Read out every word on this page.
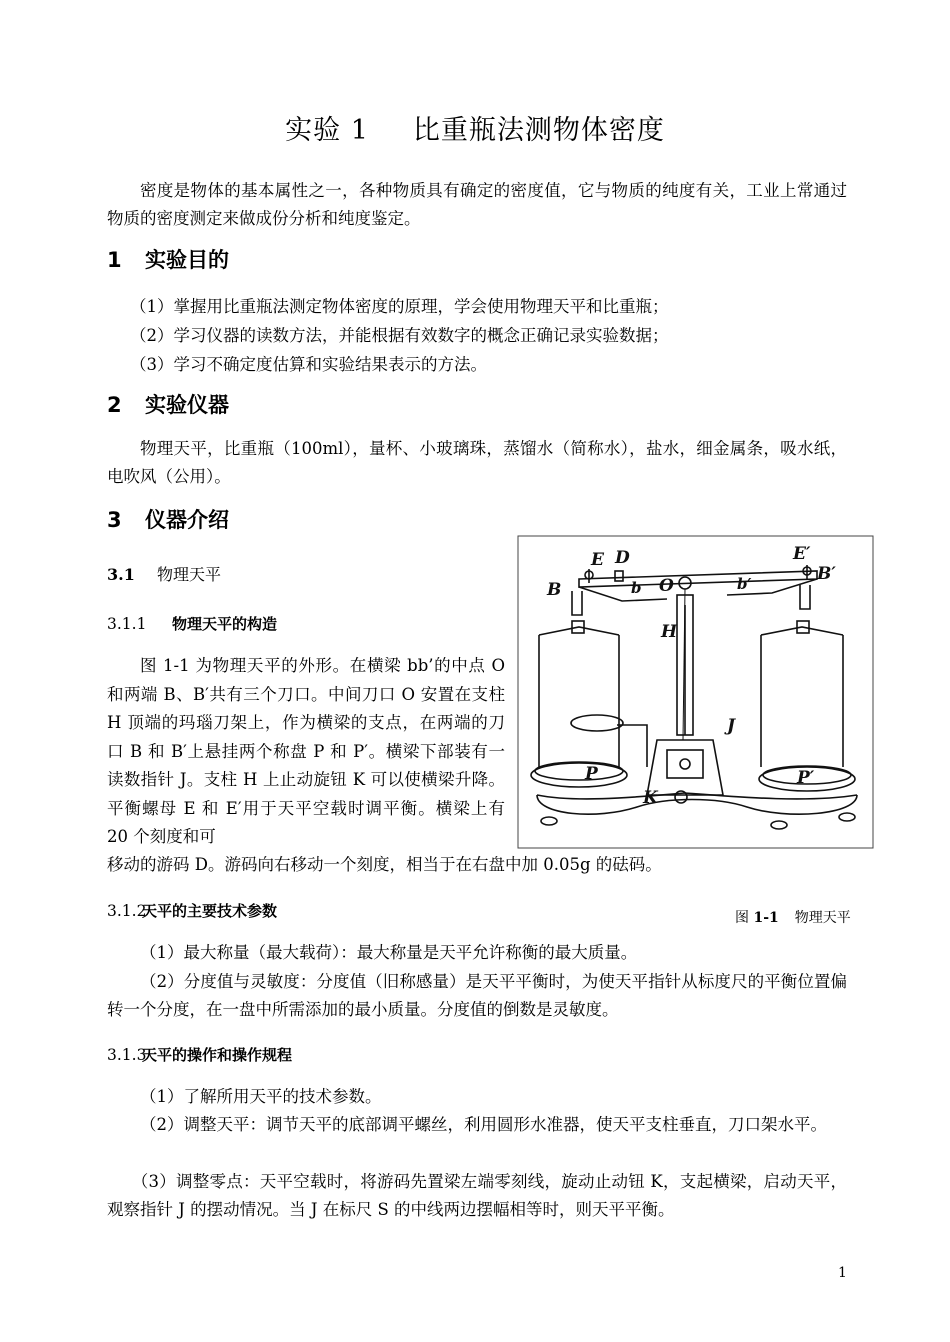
实验 1 比重瓶法测物体密度
密度是物体的基本属性之一，各种物质具有确定的密度值，它与物质的纯度有关，工业上常通过物质的密度测定来做成份分析和纯度鉴定。
1 实验目的
（1）掌握用比重瓶法测定物体密度的原理，学会使用物理天平和比重瓶；
（2）学习仪器的读数方法，并能根据有效数字的概念正确记录实验数据；
（3）学习不确定度估算和实验结果表示的方法。
2 实验仪器
物理天平，比重瓶（100ml），量杯、小玻璃珠，蒸馏水（简称水），盐水，细金属条，吸水纸，电吹风（公用）。
3 仪器介绍
3.1 物理天平
3.1.1 物理天平的构造
图 1-1 为物理天平的外形。在横梁 bb’的中点 O 和两端 B、B′共有三个刀口。中间刀口 O 安置在支柱 H 顶端的玛瑙刀架上，作为横梁的支点，在两端的刀口 B 和 B′上悬挂两个称盘 P 和 P′。横梁下部装有一读数指针 J。支柱 H 上止动旋钮 K 可以使横梁升降。平衡螺母 E 和 E′用于天平空载时调平衡。横梁上有 20 个刻度和可
移动的游码 D。游码向右移动一个刻度，相当于在右盘中加 0.05g 的砝码。
E D	E′
B
B′
b O	b′
H
J
P	P′
K
图 1-1 物理天平
3.1.2天平的主要技术参数
（1）最大称量（最大载荷）：最大称量是天平允许称衡的最大质量。
（2）分度值与灵敏度：分度值（旧称感量）是天平平衡时，为使天平指针从标度尺的平衡位置偏转一个分度，在一盘中所需添加的最小质量。分度值的倒数是灵敏度。
3.1.3天平的操作和操作规程
（1）了解所用天平的技术参数。
（2）调整天平：调节天平的底部调平螺丝，利用圆形水准器，使天平支柱垂直，刀口架水平。
（3）调整零点：天平空载时，将游码先置梁左端零刻线，旋动止动钮 K，支起横梁，启动天平，观察指针 J 的摆动情况。当 J 在标尺 S 的中线两边摆幅相等时，则天平平衡。
1
